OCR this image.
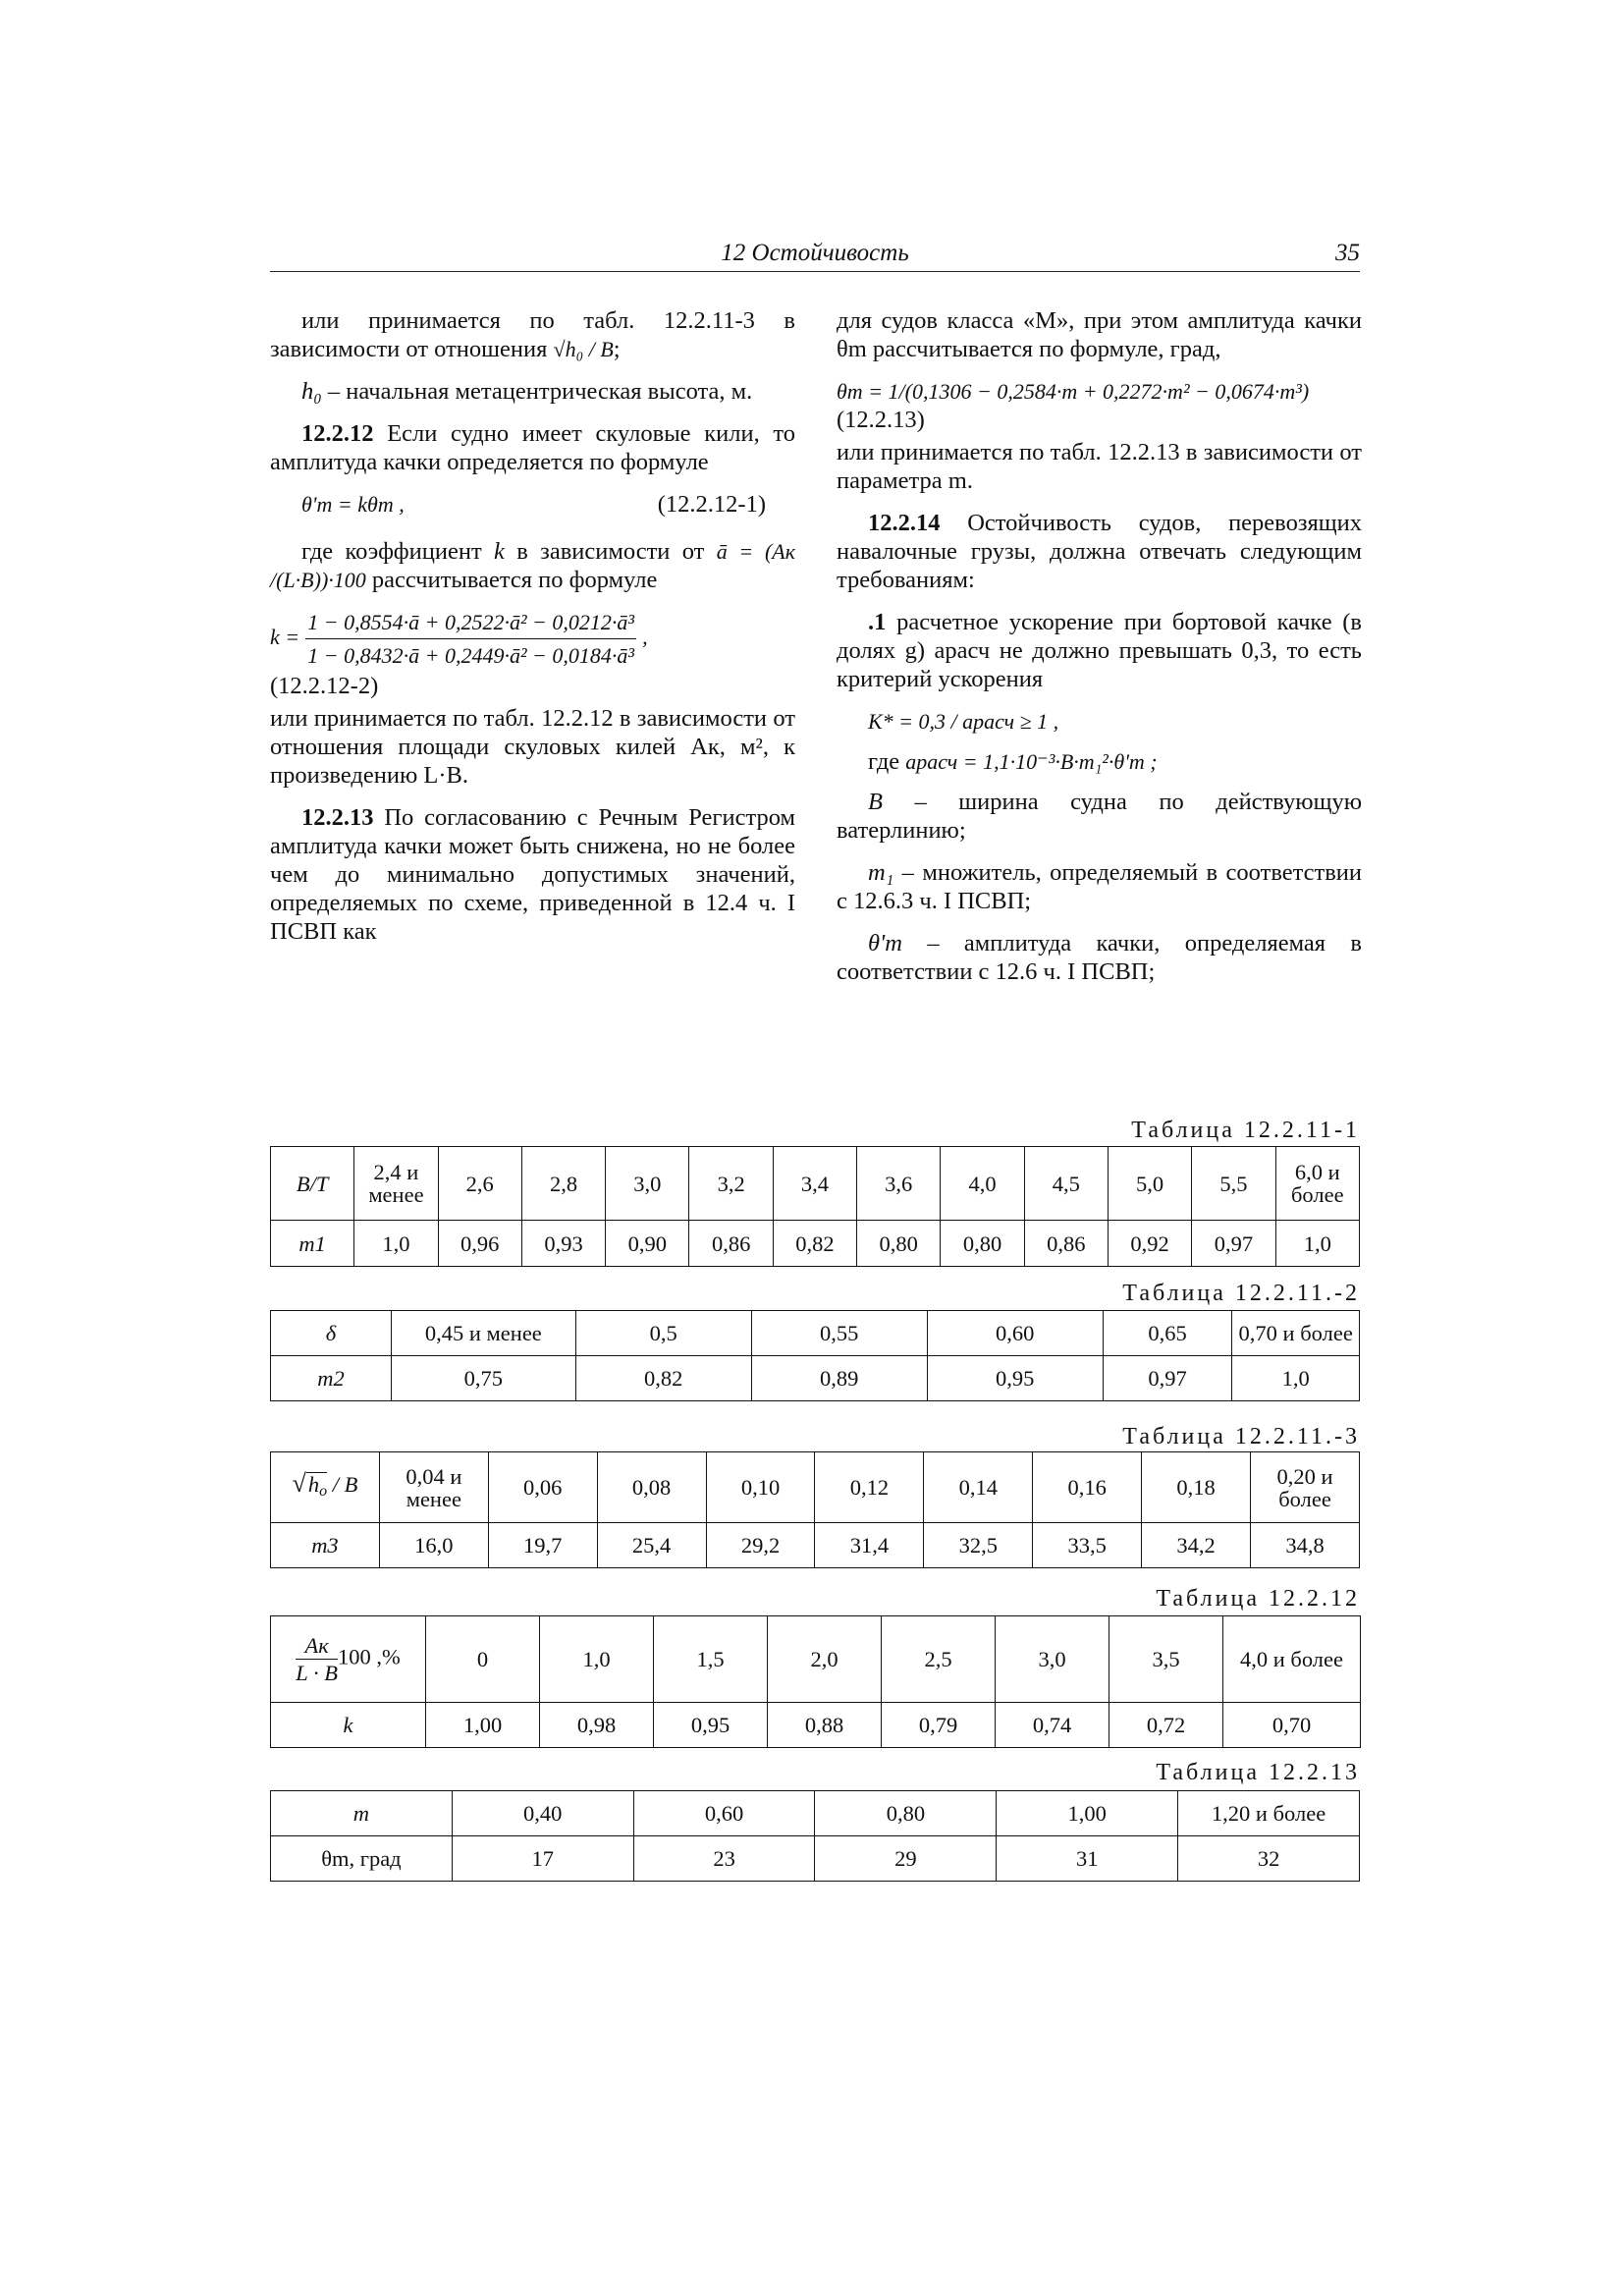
12 Остойчивость	35

или принимается по табл. 12.2.11-3 в зависимости от отношения √h₀ / B;

h₀ – начальная метацентрическая высота, м.

12.2.12 Если судно имеет скуловые кили, то амплитуда качки определяется по формуле

θ'm = kθm ,	(12.2.12-1)

где коэффициент k в зависимости от ā = (Aк /(L·B))·100 рассчитывается по формуле

$k = \frac{\text{1 − 0,8554·ā + 0,2522·ā² − 0,0212·ā³}}{\text{1 − 0,8432·ā + 0,2449·ā² − 0,0184·ā³}}$ ,

(12.2.12-2)

или принимается по табл. 12.2.12 в зависимости от отношения площади скуловых килей Aк, м², к произведению L·B.

12.2.13 По согласованию с Речным Регистром амплитуда качки может быть снижена, но не более чем до минимально допустимых значений, определяемых по схеме, приведенной в 12.4 ч. I ПСВП как

для судов класса «М», при этом амплитуда качки θm рассчитывается по формуле, град,

θm = 1/(0,1306 − 0,2584·m + 0,2272·m² − 0,0674·m³)

(12.2.13)

или принимается по табл. 12.2.13 в зависимости от параметра m.

12.2.14 Остойчивость судов, перевозящих навалочные грузы, должна отвечать следующим требованиям:

.1 расчетное ускорение при бортовой качке (в долях g) aрасч не должно превышать 0,3, то есть критерий ускорения

K* = 0,3 / aрасч ≥ 1 ,
где aрасч = 1,1·10⁻³·B·m₁²·θ'm ;

B – ширина судна по действующую ватерлинию;

m₁ – множитель, определяемый в соответствии с 12.6.3 ч. I ПСВП;

θ'm – амплитуда качки, определяемая в соответствии с 12.6 ч. I ПСВП;

Таблица 12.2.11-1
B/T	2,4 и менее	2,6	2,8	3,0	3,2	3,4	3,6	4,0	4,5	5,0	5,5	6,0 и более
m1	1,0	0,96	0,93	0,90	0,86	0,82	0,80	0,80	0,86	0,92	0,97	1,0
Таблица 12.2.11.-2
δ	0,45 и менее	0,5	0,55	0,60	0,65	0,70 и более
m2	0,75	0,82	0,89	0,95	0,97	1,0
Таблица 12.2.11.-3
$√h_o$ / B	0,04 и менее	0,06	0,08	0,10	0,12	0,14	0,16	0,18	0,20 и более
m3	16,0	19,7	25,4	29,2	31,4	32,5	33,5	34,2	34,8
Таблица 12.2.12
$\frac{Aк}{L \cdot B} 100$ ,%	0	1,0	1,5	2,0	2,5	3,0	3,5	4,0 и более
k	1,00	0,98	0,95	0,88	0,79	0,74	0,72	0,70
Таблица 12.2.13
m	0,40	0,60	0,80	1,00	1,20 и более
θm, град	17	23	29	31	32
